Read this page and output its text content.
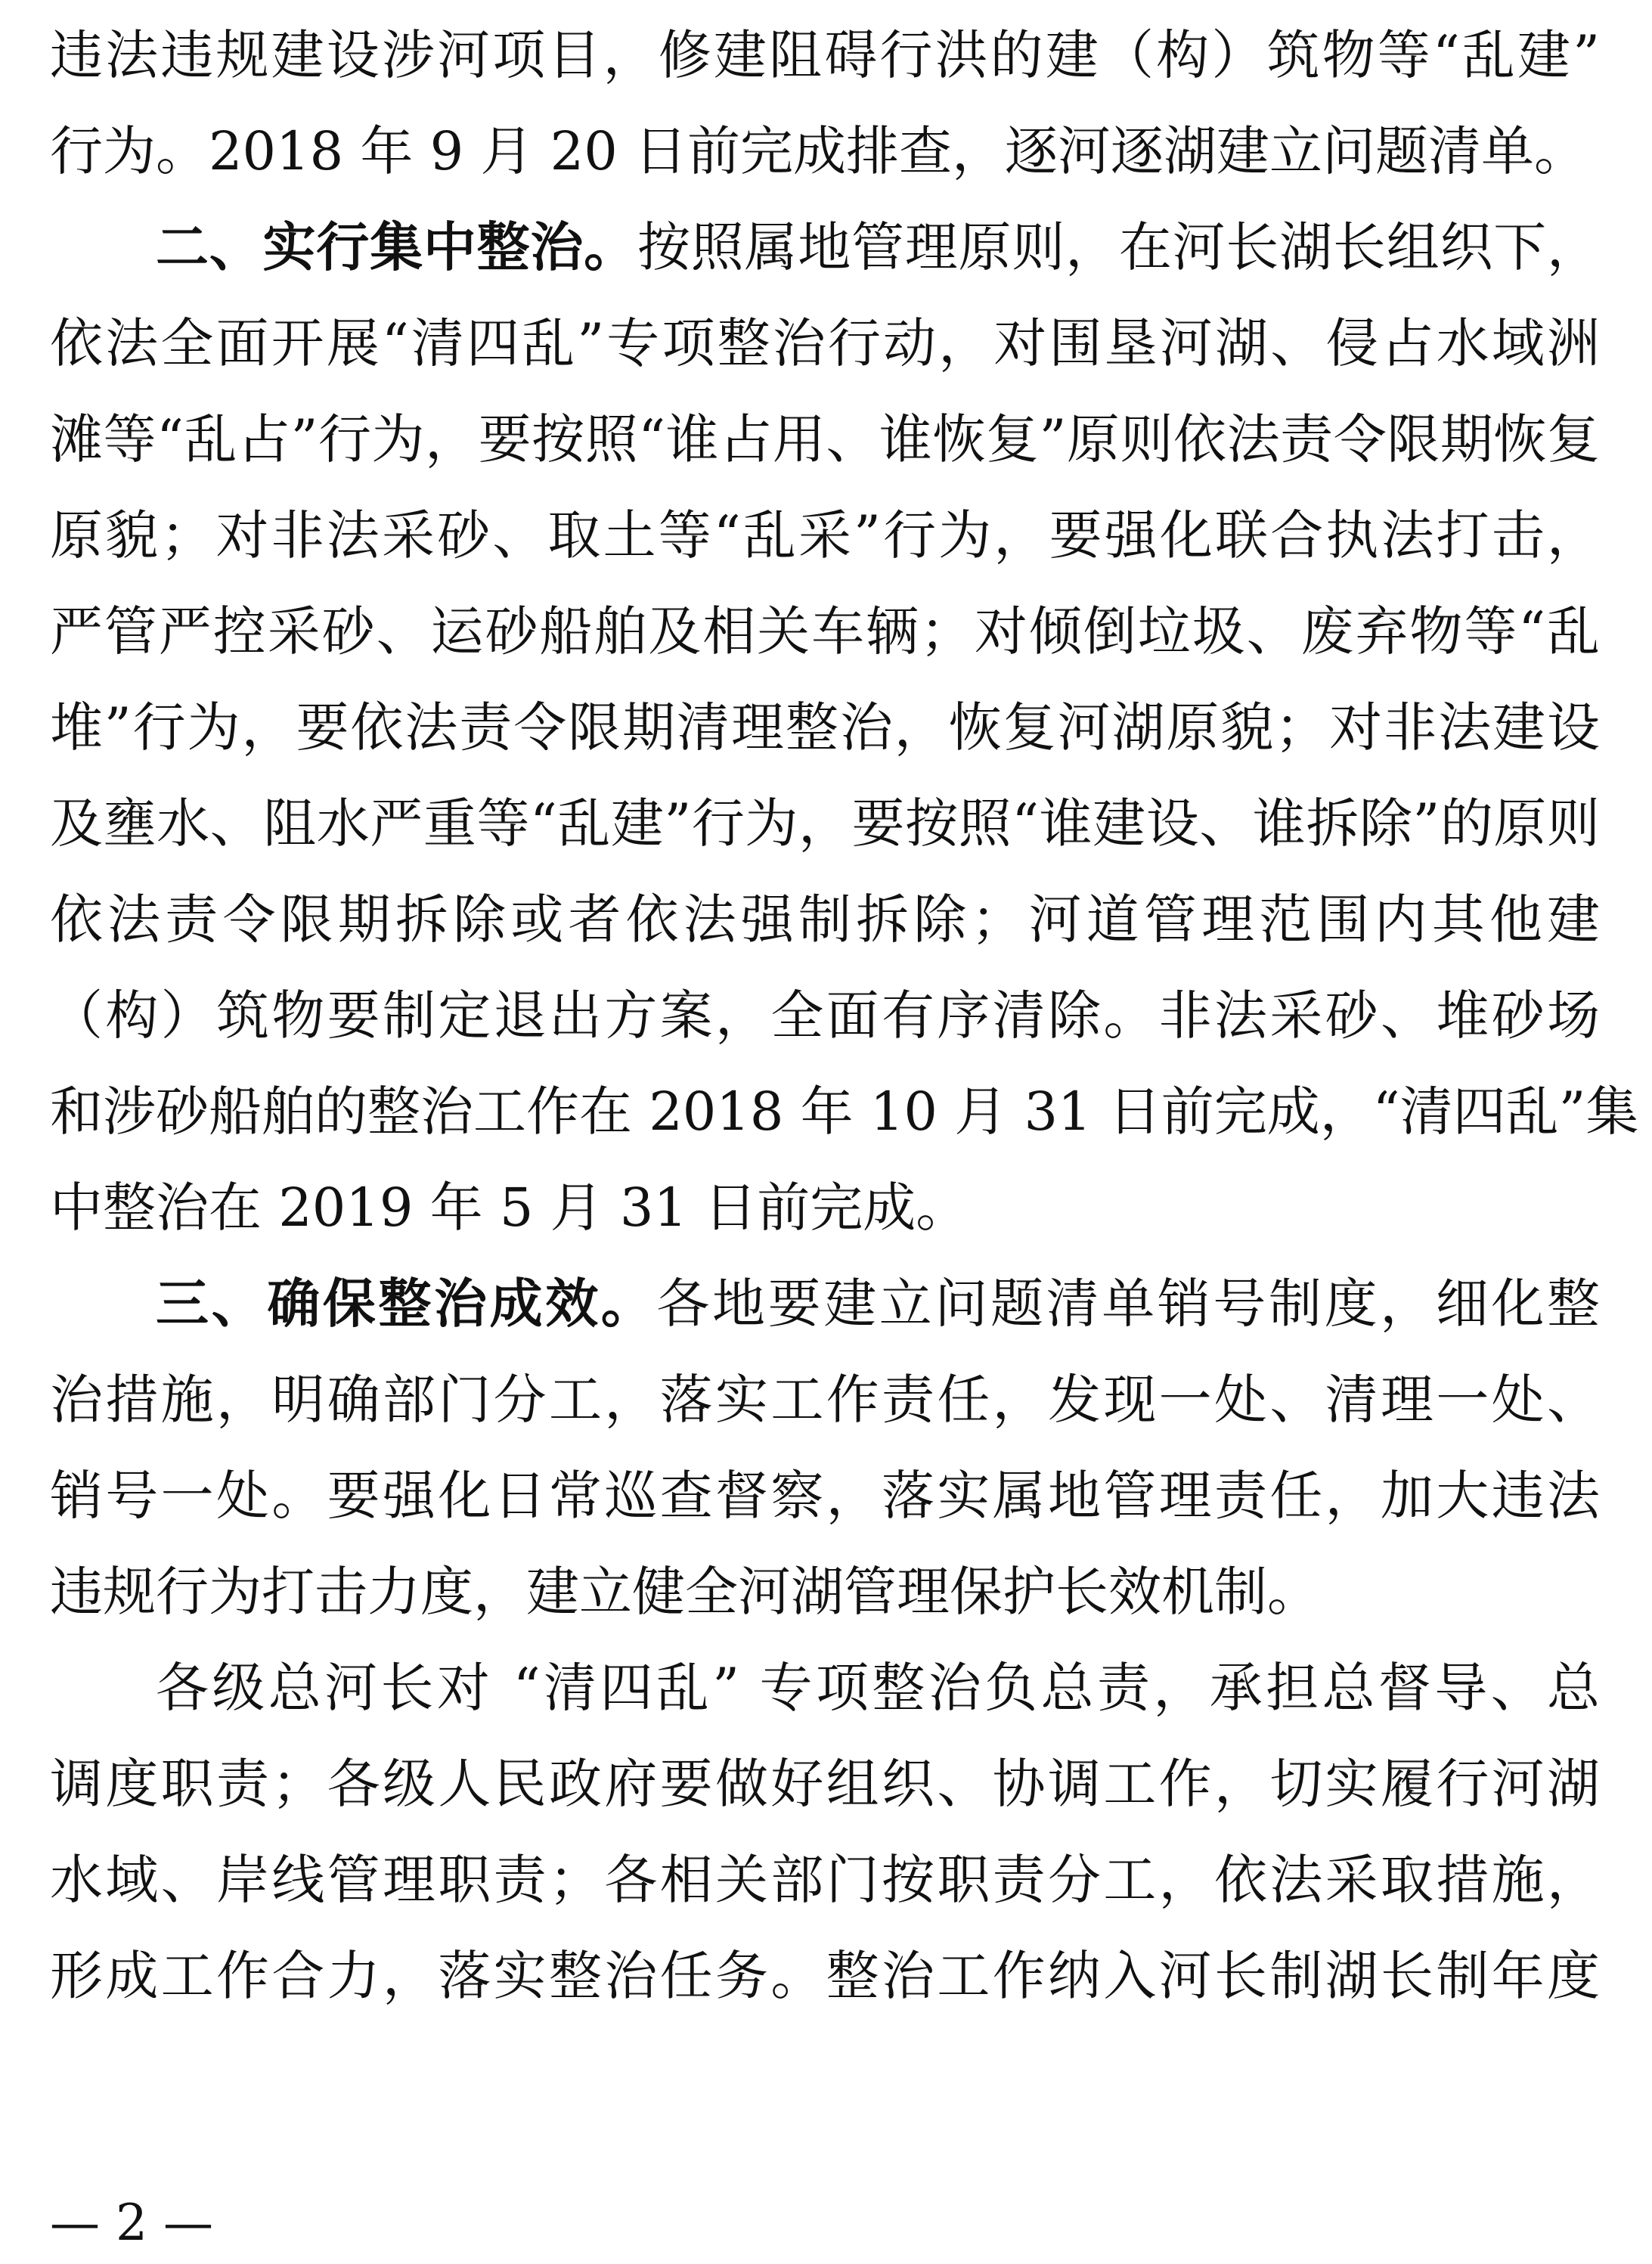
违法违规建设涉河项目，修建阻碍行洪的建（构）筑物等“乱建”
行为。2018 年 9 月 20 日前完成排查，逐河逐湖建立问题清单。
二、实行集中整治。按照属地管理原则，在河长湖长组织下，
依法全面开展“清四乱”专项整治行动，对围垦河湖、侵占水域洲
滩等“乱占”行为，要按照“谁占用、谁恢复”原则依法责令限期恢复
原貌；对非法采砂、取土等“乱采”行为，要强化联合执法打击，
严管严控采砂、运砂船舶及相关车辆；对倾倒垃圾、废弃物等“乱
堆”行为，要依法责令限期清理整治，恢复河湖原貌；对非法建设
及壅水、阻水严重等“乱建”行为，要按照“谁建设、谁拆除”的原则
依法责令限期拆除或者依法强制拆除；河道管理范围内其他建
（构）筑物要制定退出方案，全面有序清除。非法采砂、堆砂场
和涉砂船舶的整治工作在 2018 年 10 月 31 日前完成，“清四乱”集
中整治在 2019 年 5 月 31 日前完成。
三、确保整治成效。各地要建立问题清单销号制度，细化整
治措施，明确部门分工，落实工作责任，发现一处、清理一处、
销号一处。要强化日常巡查督察，落实属地管理责任，加大违法
违规行为打击力度，建立健全河湖管理保护长效机制。
各级总河长对 “清四乱” 专项整治负总责，承担总督导、总
调度职责；各级人民政府要做好组织、协调工作，切实履行河湖
水域、岸线管理职责；各相关部门按职责分工，依法采取措施，
形成工作合力，落实整治任务。整治工作纳入河长制湖长制年度
— 2 —
